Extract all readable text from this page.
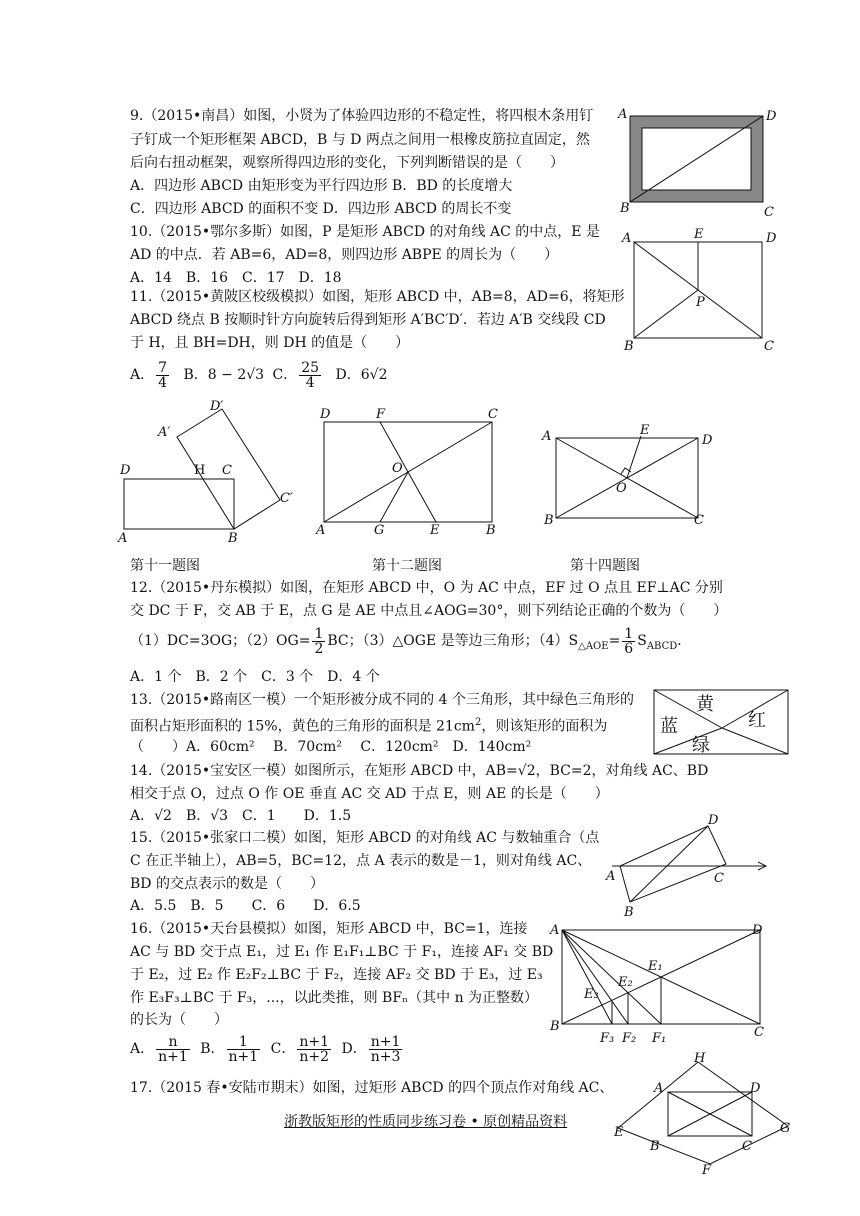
9.（2015•南昌）如图，小贤为了体验四边形的不稳定性，将四根木条用钉
子钉成一个矩形框架 ABCD，B 与 D 两点之间用一根橡皮筋拉直固定，然
后向右扭动框架，观察所得四边形的变化，下列判断错误的是（　　）
A．四边形 ABCD 由矩形变为平行四边形 B．BD 的长度增大
C．四边形 ABCD 的面积不变 D．四边形 ABCD 的周长不变
A	D
B	C
10.（2015•鄂尔多斯）如图，P 是矩形 ABCD 的对角线 AC 的中点，E 是
AD 的中点．若 AB=6，AD=8，则四边形 ABPE 的周长为（　　）
A．14　B．16　C．17　D．18
A	E	D
P
B	C
11.（2015•黄陂区校级模拟）如图，矩形 ABCD 中，AB=8，AD=6，将矩形
ABCD 绕点 B 按顺时针方向旋转后得到矩形 A′BC′D′．若边 A′B 交线段 CD
于 H，且 BH=DH，则 DH 的值是（　　）
A． $\frac{7}{4}$ B．8 − 2√3 C． $\frac{25}{4}$ D．6√2
D	H C
A′
D′
C′
A	B
D	F	C
O
A	G	E	B
A	E
D
O
B	C
第十一题图	第十二题图	第十四题图
12.（2015•丹东模拟）如图，在矩形 ABCD 中，O 为 AC 中点，EF 过 O 点且 EF⊥AC 分别
交 DC 于 F，交 AB 于 E，点 G 是 AE 中点且∠AOG=30°，则下列结论正确的个数为（　　）
（1）DC=3OG；$(2)OG= \frac{1}{2}$ BC；（3）△OGE 是等边三角形；$(4)S_{\triangle AOE}= \frac{1}{6} S_{ABCD}$．
A．1 个　B．2 个　C．3 个　D．4 个
13.（2015•路南区一模）一个矩形被分成不同的 4 个三角形，其中绿色三角形的
面积占矩形面积的 15%，黄色的三角形的面积是 $21cm^2$，则该矩形的面积为
（　　）A．60cm²　 B．70cm²　 C．120cm²　D．140cm²
黄
蓝	红
绿
14.（2015•宝安区一模）如图所示，在矩形 ABCD 中，AB=√2，BC=2，对角线 AC、BD
相交于点 O，过点 O 作 OE 垂直 AC 交 AD 于点 E，则 AE 的长是（　　）
A．√2　B．√3　C．1　　D．1.5
15.（2015•张家口二模）如图，矩形 ABCD 的对角线 AC 与数轴重合（点
C 在正半轴上），AB=5，BC=12，点 A 表示的数是－1，则对角线 AC、
BD 的交点表示的数是（　　）
A．5.5　B．5　　C．6　　D．6.5
A
B
C
D
16.（2015•天台县模拟）如图，矩形 ABCD 中，BC=1，连接
AC 与 BD 交于点 E₁，过 E₁ 作 E₁F₁⊥BC 于 F₁，连接 AF₁ 交 BD
于 E₂，过 E₂ 作 E₂F₂⊥BC 于 F₂，连接 AF₂ 交 BD 于 E₃，过 E₃
作 E₃F₃⊥BC 于 F₃，...，以此类推，则 BFₙ（其中 n 为正整数）
的长为（　　）
A． $\frac{n}{n+1}$ B． $\frac{1}{n+1}$ C． $\frac{n+1}{n+2}$ D． $\frac{n+1}{n+3}$
A	D
B	C
E₁
E₂
E₃
F₁
F₂
F₃
17.（2015 春•安陆市期末）如图，过矩形 ABCD 的四个顶点作对角线 AC、
H
A	D
E	G
B	C
F
浙教版矩形的性质同步练习卷 • 原创精品资料
